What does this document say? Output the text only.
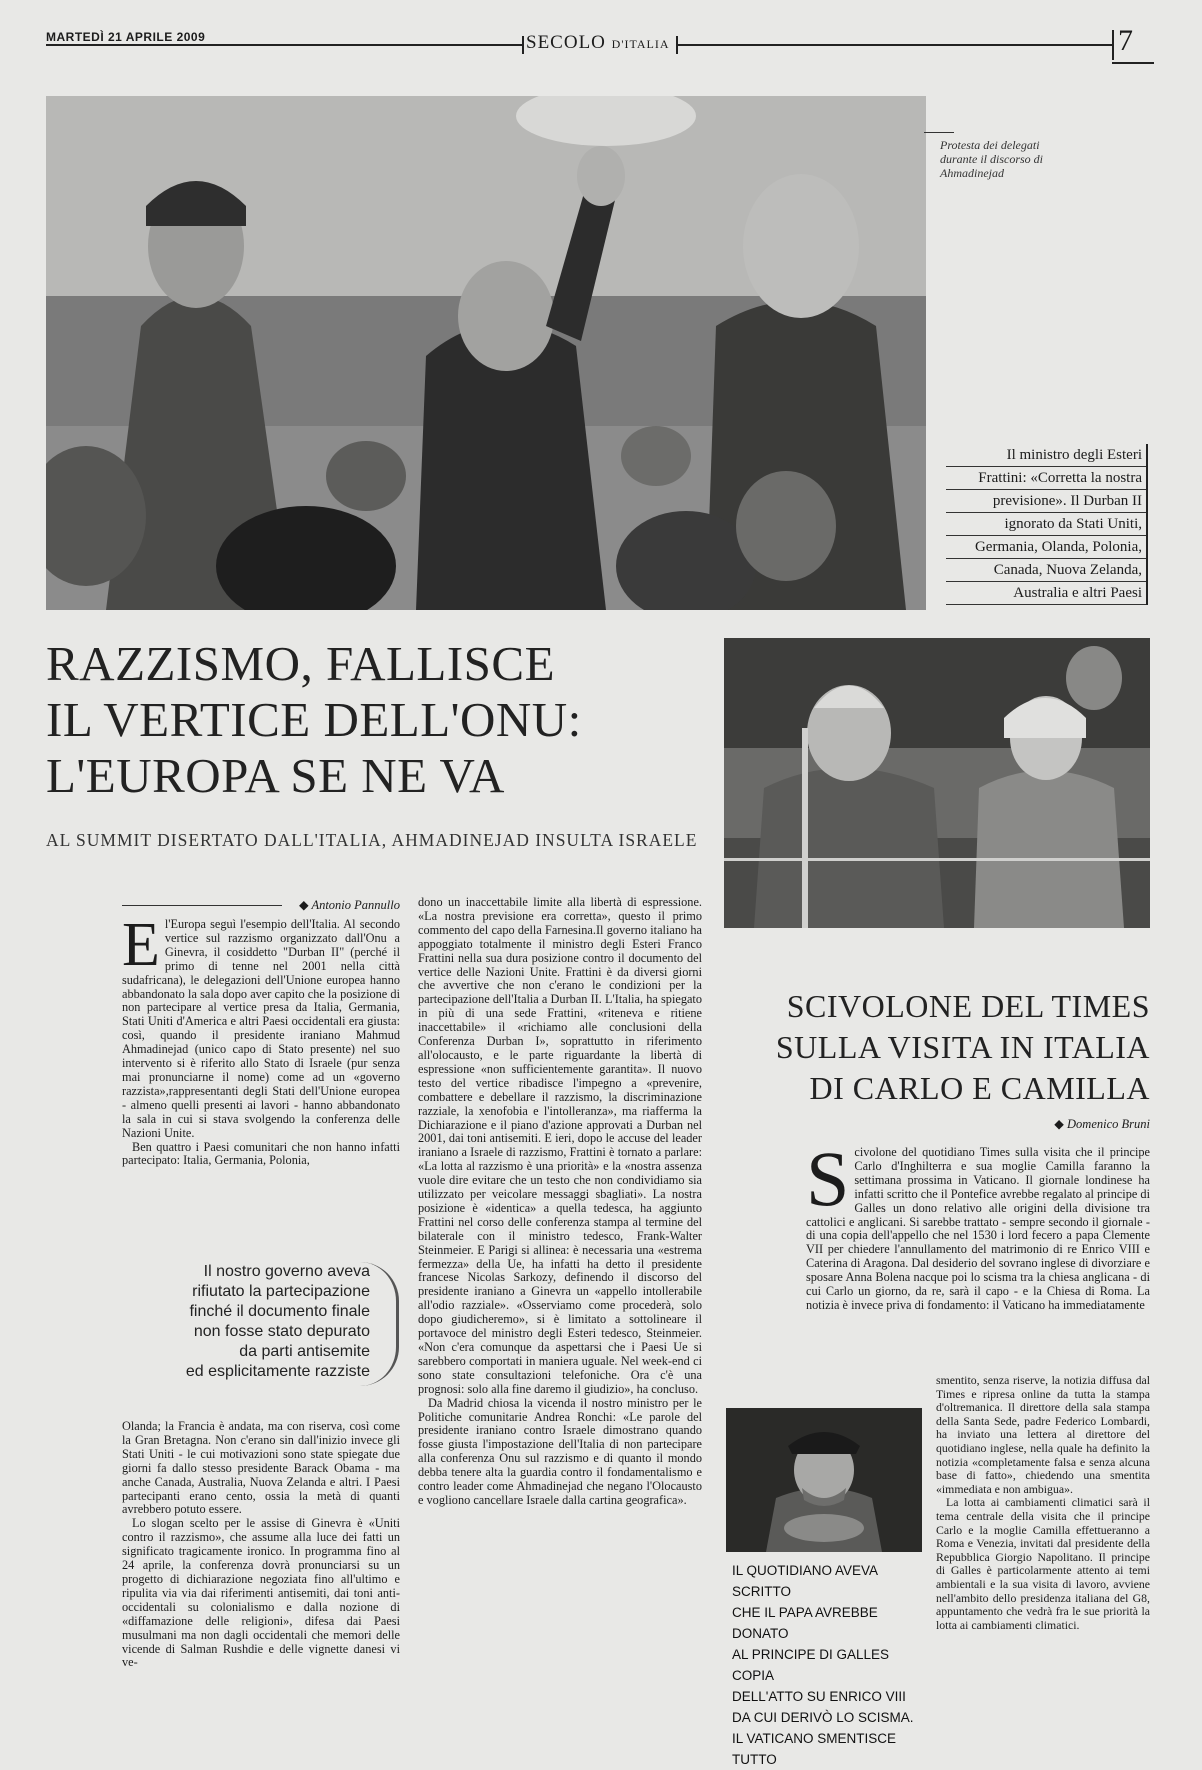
MARTEDÌ 21 APRILE 2009	SECOLO D'ITALIA	7
Protesta dei delegati durante il discorso di Ahmadinejad
Il ministro degli Esteri
Frattini: «Corretta la nostra
previsione». Il Durban II
ignorato da Stati Uniti,
Germania, Olanda, Polonia,
Canada, Nuova Zelanda,
Australia e altri Paesi
RAZZISMO, FALLISCE
IL VERTICE DELL'ONU:
L'EUROPA SE NE VA
AL SUMMIT DISERTATO DALL'ITALIA, AHMADINEJAD INSULTA ISRAELE
◆ Antonio Pannullo
E l'Europa seguì l'esempio dell'Italia. Al secondo vertice sul razzismo organizzato dall'Onu a Ginevra, il cosiddetto "Durban II" (perché il primo di tenne nel 2001 nella città sudafricana), le delegazioni dell'Unione europea hanno abbandonato la sala dopo aver capito che la posizione di non partecipare al vertice presa da Italia, Germania, Stati Uniti d'America e altri Paesi occidentali era giusta: così, quando il presidente iraniano Mahmud Ahmadinejad (unico capo di Stato presente) nel suo intervento si è riferito allo Stato di Israele (pur senza mai pronunciarne il nome) come ad un «governo razzista»,rappresentanti degli Stati dell'Unione europea - almeno quelli presenti ai lavori - hanno abbandonato la sala in cui si stava svolgendo la conferenza delle Nazioni Unite.

Ben quattro i Paesi comunitari che non hanno infatti partecipato: Italia, Germania, Polonia,

Il nostro governo aveva
rifiutato la partecipazione
finché il documento finale
non fosse stato depurato
da parti antisemite
ed esplicitamente razziste

Olanda; la Francia è andata, ma con riserva, così come la Gran Bretagna. Non c'erano sin dall'inizio invece gli Stati Uniti - le cui motivazioni sono state spiegate due giorni fa dallo stesso presidente Barack Obama - ma anche Canada, Australia, Nuova Zelanda e altri. I Paesi partecipanti erano cento, ossia la metà di quanti avrebbero potuto essere.

Lo slogan scelto per le assise di Ginevra è «Uniti contro il razzismo», che assume alla luce dei fatti un significato tragicamente ironico. In programma fino al 24 aprile, la conferenza dovrà pronunciarsi su un progetto di dichiarazione negoziata fino all'ultimo e ripulita via via dai riferimenti antisemiti, dai toni anti-occidentali su colonialismo e dalla nozione di «diffamazione delle religioni», difesa dai Paesi musulmani ma non dagli occidentali che memori delle vicende di Salman Rushdie e delle vignette danesi vi ve-

dono un inaccettabile limite alla libertà di espressione. «La nostra previsione era corretta», questo il primo commento del capo della Farnesina.Il governo italiano ha appoggiato totalmente il ministro degli Esteri Franco Frattini nella sua dura posizione contro il documento del vertice delle Nazioni Unite. Frattini è da diversi giorni che avvertive che non c'erano le condizioni per la partecipazione dell'Italia a Durban II. L'Italia, ha spiegato in più di una sede Frattini, «riteneva e ritiene inaccettabile» il «richiamo alle conclusioni della Conferenza Durban I», soprattutto in riferimento all'olocausto, e le parte riguardante la libertà di espressione «non sufficientemente garantita». Il nuovo testo del vertice ribadisce l'impegno a «prevenire, combattere e debellare il razzismo, la discriminazione razziale, la xenofobia e l'intolleranza», ma riafferma la Dichiarazione e il piano d'azione approvati a Durban nel 2001, dai toni antisemiti. E ieri, dopo le accuse del leader iraniano a Israele di razzismo, Frattini è tornato a parlare: «La lotta al razzismo è una priorità» e la «nostra assenza vuole dire evitare che un testo che non condividiamo sia utilizzato per veicolare messaggi sbagliati». La nostra posizione è «identica» a quella tedesca, ha aggiunto Frattini nel corso delle conferenza stampa al termine del bilaterale con il ministro tedesco, Frank-Walter Steinmeier. E Parigi si allinea: è necessaria una «estrema fermezza» della Ue, ha infatti ha detto il presidente francese Nicolas Sarkozy, definendo il discorso del presidente iraniano a Ginevra un «appello intollerabile all'odio razziale». «Osserviamo come procederà, solo dopo giudicheremo», si è limitato a sottolineare il portavoce del ministro degli Esteri tedesco, Steinmeier. «Non c'era comunque da aspettarsi che i Paesi Ue si sarebbero comportati in maniera uguale. Nel week-end ci sono state consultazioni telefoniche. Ora c'è una prognosi: solo alla fine daremo il giudizio», ha concluso.

Da Madrid chiosa la vicenda il nostro ministro per le Politiche comunitarie Andrea Ronchi: «Le parole del presidente iraniano contro Israele dimostrano quando fosse giusta l'impostazione dell'Italia di non partecipare alla conferenza Onu sul razzismo e di quanto il mondo debba tenere alta la guardia contro il fondamentalismo e contro leader come Ahmadinejad che negano l'Olocausto e vogliono cancellare Israele dalla cartina geografica».

SCIVOLONE DEL TIMES
SULLA VISITA IN ITALIA
DI CARLO E CAMILLA
◆ Domenico Bruni
S civolone del quotidiano Times sulla visita che il principe Carlo d'Inghilterra e sua moglie Camilla faranno la settimana prossima in Vaticano. Il giornale londinese ha infatti scritto che il Pontefice avrebbe regalato al principe di Galles un dono relativo alle origini della divisione tra cattolici e anglicani. Si sarebbe trattato - sempre secondo il giornale - di una copia dell'appello che nel 1530 i lord fecero a papa Clemente VII per chiedere l'annullamento del matrimonio di re Enrico VIII e Caterina di Aragona. Dal desiderio del sovrano inglese di divorziare e sposare Anna Bolena nacque poi lo scisma tra la chiesa anglicana - di cui Carlo un giorno, da re, sarà il capo - e la Chiesa di Roma. La notizia è invece priva di fondamento: il Vaticano ha immediatamente

IL QUOTIDIANO AVEVA SCRITTO
CHE IL PAPA AVREBBE DONATO
AL PRINCIPE DI GALLES COPIA
DELL'ATTO SU ENRICO VIII
DA CUI DERIVÒ LO SCISMA.
IL VATICANO SMENTISCE TUTTO

smentito, senza riserve, la notizia diffusa dal Times e ripresa online da tutta la stampa d'oltremanica. Il direttore della sala stampa della Santa Sede, padre Federico Lombardi, ha inviato una lettera al direttore del quotidiano inglese, nella quale ha definito la notizia «completamente falsa e senza alcuna base di fatto», chiedendo una smentita «immediata e non ambigua».

La lotta ai cambiamenti climatici sarà il tema centrale della visita che il principe Carlo e la moglie Camilla effettueranno a Roma e Venezia, invitati dal presidente della Repubblica Giorgio Napolitano. Il principe di Galles è particolarmente attento ai temi ambientali e la sua visita di lavoro, avviene nell'ambito dello presidenza italiana del G8, appuntamento che vedrà fra le sue priorità la lotta ai cambiamenti climatici.
